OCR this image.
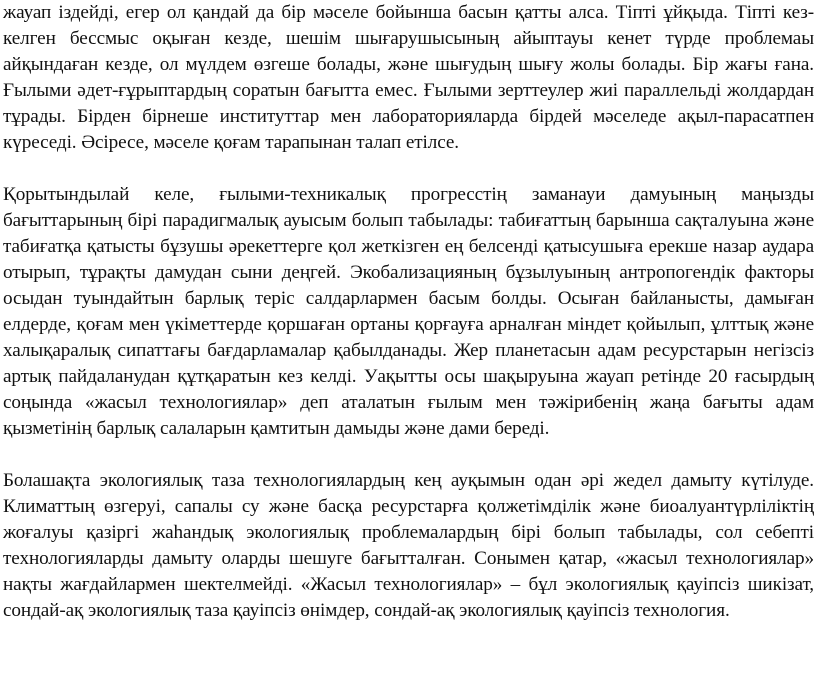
жауап іздейді, егер ол қандай да бір мәселе бойынша басын қатты алса. Тіпті ұйқыда. Тіпті кез-келген бессмыс оқыған кезде, шешім шығарушысының айыптауы кенет түрде проблемаы айқындаған кезде, ол мүлдем өзгеше болады, және шығудың шығу жолы болады. Бір жағы ғана. Ғылыми әдет-ғұрыптардың соратын бағытта емес. Ғылыми зерттеулер жиі параллельді жолдардан тұрады. Бірден бірнеше институттар мен лабораторияларда бірдей мәселеде ақыл-парасатпен күреседі. Әсіресе, мәселе қоғам тарапынан талап етілсе.

Қорытындылай келе, ғылыми-техникалық прогресстің заманауи дамуының маңызды бағыттарының бірі парадигмалық ауысым болып табылады: табиғаттың барынша сақталуына және табиғатқа қатысты бұзушы әрекеттерге қол жеткізген ең белсенді қатысушыға ерекше назар аудара отырып, тұрақты дамудан сыни деңгей. Экобализацияның бұзылуының антропогендік факторы осыдан туындайтын барлық теріс салдарлармен басым болды. Осыған байланысты, дамыған елдерде, қоғам мен үкіметтерде қоршаған ортаны қорғауға арналған міндет қойылып, ұлттық және халықаралық сипаттағы бағдарламалар қабылданады. Жер планетасын адам ресурстарын негізсіз артық пайдаланудан құтқаратын кез келді. Уақытты осы шақыруына жауап ретінде 20 ғасырдың соңында «жасыл технологиялар» деп аталатын ғылым мен тәжірибенің жаңа бағыты адам қызметінің барлық салаларын қамтитын дамыды және дами береді.

Болашақта экологиялық таза технологиялардың кең ауқымын одан әрі жедел дамыту күтілуде. Климаттың өзгеруі, сапалы су және басқа ресурстарға қолжетімділік және биоалуантүрліліктің жоғалуы қазіргі жаһандық экологиялық проблемалардың бірі болып табылады, сол себепті технологияларды дамыту оларды шешуге бағытталған. Сонымен қатар, «жасыл технологиялар» нақты жағдайлармен шектелмейді. «Жасыл технологиялар» – бұл экологиялық қауіпсіз шикізат, сондай-ақ экологиялық таза қауіпсіз өнімдер, сондай-ақ экологиялық қауіпсіз технология.
